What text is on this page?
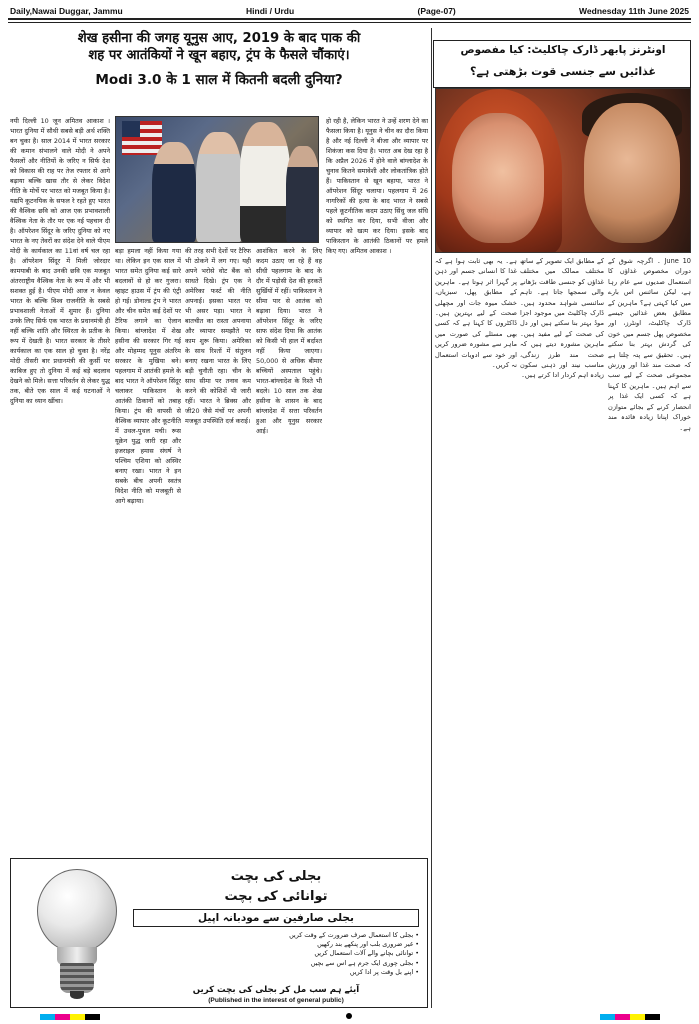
Daily,Nawai Duggar, Jammu	Hindi / Urdu	(Page-07)	Wednesday 11th June 2025
शेख हसीना की जगह यूनुस आए, 2019 के बाद पाक की
शह पर आतंकियों ने खून बहाए, ट्रंप के फैसले चौंकाएं।
Modi 3.0 के 1 साल में कितनी बदली दुनिया?

नयी दिल्ली 10 जून अमितव आकाश । भारत दुनिया में सौथी सबसे बड़ी अर्थ शक्ति बन चुका है। साल 2014 में भारत सरकार की कमान संभालने वाले मोदी ने अपने फैसलों और नीतियों के जरिए न सिर्फ देश को विकास की राह पर तेज रफ्तार से आगे बढ़ाया बल्कि खास तौर से लेकर विदेश नीति के मोर्चे पर भारत को मजबूत किया है। यद्यपि कूटनयिक के सफल रे रहते हुए भारत की वैश्विक छवि को आज एक प्रभावशाली वैश्विक नेता के तौर पर एक नई पहचान दी है। ऑपरेशन सिंदूर के जरिए दुनिया को नए भारत के नए तेवरों का संदेश देने वाले पीएम मोदी के कार्यकाल का 11वां वर्ष चल रहा है। ऑपरेशन सिंदूर में मिली जोरदार कामयाबी के बाद उनकी छवि एक मजबूत अंतरराष्ट्रीय वैश्विक नेता के रूप में और भी सशक्त हुई है। पीएम मोदी आज न केवल भारत के बल्कि विश्व राजनीति के सबसे प्रभावशाली नेताओं में शुमार हैं। दुनिया उनके लिए सिर्फ एक भारत के प्रधानमंत्री ही नहीं बल्कि शांति और स्थिरता के प्रतीक के रूप में देखती है। भारत सरकार के तीसरे कार्यकाल का एक साल हो चुका है। नरेंद्र मोदी तीसरी बार प्रधानमंत्री की कुर्सी पर काबिज हुए तो दुनिया में कई बड़े बदलाव देखने को मिले। सत्ता परिवर्तन से लेकर युद्ध तक, बीते एक साल में कई घटनाओं ने दुनिया का ध्यान खींचा।

बड़ा हमला नहीं किया गया था। लेकिन इन एक साल में भारत समेत दुनिया कई सारे बदलावों से हो कर गुजरा। व्हाइट हाउस में ट्रंप की एंट्री हो गई। डोनाल्ड ट्रंप ने भारत और चीन समेत कई देशों पर टैरिफ लगाने का ऐलान किया। बांग्लादेश में शेख हसीना की सरकार गिर गई और मोहम्मद यूनुस अंतरिम सरकार के मुखिया बने। पहलगाम में आतंकी हमले के बाद भारत ने ऑपरेशन सिंदूर चलाकर पाकिस्तान के आतंकी ठिकानों को तबाह किया। ट्रंप की वापसी से वैश्विक व्यापार और कूटनीति में उथल-पुथल मची। रूस यूक्रेन युद्ध जारी रहा और इजराइल हमास संघर्ष ने पश्चिम एशिया को अस्थिर बनाए रखा। भारत ने इन सबके बीच अपनी स्वतंत्र विदेश नीति को मजबूती से आगे बढ़ाया।

की तरह सभी देशों पर टैरिफ भी ठोकने में लग गए। यही अपने भरोसे वोट बैंक को साधते दिखे। ट्रंप एक ने अमेरिका फर्स्ट की नीति अपनाई। इसका भारत पर भी असर पड़ा। भारत ने बातचीत का रास्ता अपनाया और व्यापार समझौते पर काम शुरू किया। अमेरिका के साथ रिश्तों में संतुलन बनाए रखना भारत के लिए बड़ी चुनौती रहा। चीन के साथ सीमा पर तनाव कम करने की कोशिशें भी जारी रहीं। भारत ने ब्रिक्स और जी20 जैसे मंचों पर अपनी मजबूत उपस्थिति दर्ज कराई।

आशंकित करने के लिए कदम उठाए जा रहे हैं वह सीधी पहलगाम के बाद के दौर में पड़ोसी देश की हरकतें सुर्खियों में रहीं। पाकिस्तान ने सीमा पार से आतंक को बढ़ावा दिया। भारत ने ऑपरेशन सिंदूर के जरिए साफ संदेश दिया कि आतंक को किसी भी हाल में बर्दाश्त नहीं किया जाएगा। 50,000 से अधिक बीमार बच्चियों अस्पताल पहुंचे। भारत-बांग्लादेश के रिश्ते भी बदले। 10 साल तक शेख हसीना के शासन के बाद बांग्लादेश में सत्ता परिवर्तन हुआ और यूनुस सरकार आई।

हो रही है, लेकिन भारत ने उन्हें शरण देने का फैसला किया है। यूनुस ने चीन का दौरा किया है और नई दिल्ली ने बीजा और व्यापार पर शिकंजा कस दिया है। भारत अब देख रहा है कि अप्रैल 2026 में होने वाले बांग्लादेश के चुनाव कितने समावेशी और लोकतांत्रिक होते हैं। पाकिस्तान से खून बहाया, भारत ने ऑपरेशन सिंदूर चलाया। पहलगाम में 26 नागरिकों की हत्या के बाद भारत ने सबसे पहले कूटनीतिक कदम उठाए सिंधु जल संधि को स्थगित कर दिया, सभी वीजा और व्यापार को खत्म कर दिया। इसके बाद पाकिस्तान के आतंकी ठिकानों पर हमले किए गए। अमितव आकाश ।

اونٹرنز پابھر ڈارک چاکلیٹ: کیا مفصوص
غذائیں سے جنسی قوت بڑھتی ہے؟

10 June ۔ اگرچہ شوق کے دوران مخصوص غذاؤں کا استعمال صدیوں سے عام رہا ہے، لیکن سائنس اس بارے میں کیا کہتی ہے؟ ماہرین کے مطابق بعض غذائیں جیسے ڈارک چاکلیٹ، اونٹرز، اور مخصوص پھل جسم میں خون کی گردش بہتر بنا سکتے ہیں۔ تحقیق سے پتہ چلتا ہے کہ صحت مند غذا اور ورزش مجموعی صحت کے لیے سب سے اہم ہیں۔ ماہرین کا کہنا ہے کہ کسی ایک غذا پر انحصار کرنے کے بجائے متوازن خوراک اپنانا زیادہ فائدہ مند ہے۔

کے مطابق ایک تصویر کے ساتھ مختلف ممالک میں مختلف غذاؤں کو جنسی طاقت بڑھانے والی سمجھا جاتا ہے۔ تاہم سائنسی شواہد محدود ہیں۔ ڈارک چاکلیٹ میں موجود اجزا موڈ بہتر بنا سکتے ہیں اور دل کی صحت کے لیے مفید ہیں۔ ماہرین مشورہ دیتے ہیں کہ صحت مند طرز زندگی، مناسب نیند اور ذہنی سکون زیادہ اہم کردار ادا کرتے ہیں۔

ہے۔ یہ بھی ثابت ہوا ہے کہ غذا کا انسانی جسم اور ذہن پر گہرا اثر ہوتا ہے۔ ماہرین کے مطابق پھل، سبزیاں، خشک میوہ جات اور مچھلی صحت کے لیے بہترین ہیں۔ ڈاکٹروں کا کہنا ہے کہ کسی بھی مسئلے کی صورت میں ماہر سے مشورہ ضرور کریں اور خود سے ادویات استعمال نہ کریں۔

بجلی کی بچت
توانائی کی بچت
بجلی صارفین سے مودبانہ اپیل
• بجلی کا استعمال صرف ضرورت کے وقت کریں
• غیر ضروری بلب اور پنکھے بند رکھیں
• توانائی بچانے والے آلات استعمال کریں
• بجلی چوری ایک جرم ہے اس سے بچیں
• اپنے بل وقت پر ادا کریں
آیئے ہم سب مل کر بجلی کی بچت کریں
(Published in the interest of general public)
